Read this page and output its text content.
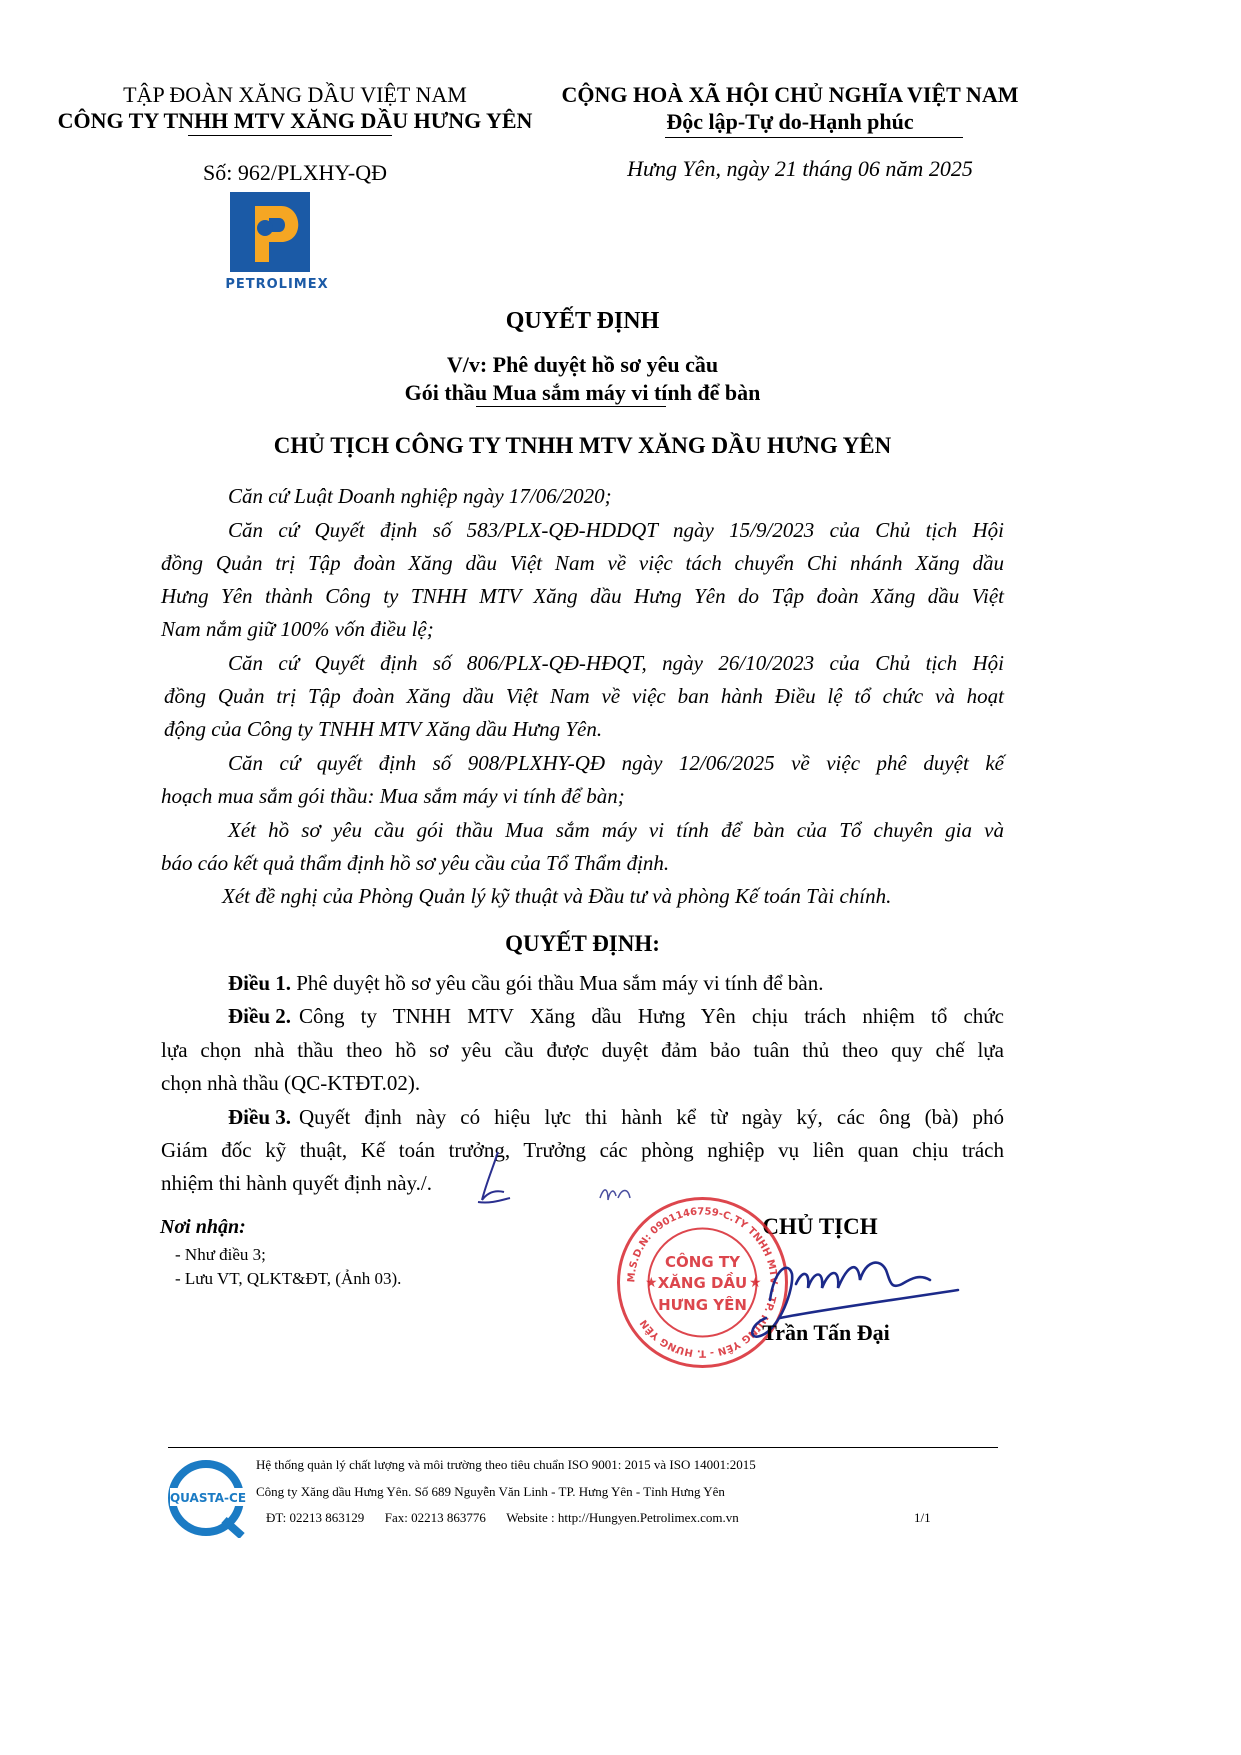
TẬP ĐOÀN XĂNG DẦU VIỆT NAM
CÔNG TY TNHH MTV XĂNG DẦU HƯNG YÊN
Số: 962/PLXHY-QĐ
PETROLIMEX
CỘNG HOÀ XÃ HỘI CHỦ NGHĨA VIỆT NAM
Độc lập-Tự do-Hạnh phúc
Hưng Yên, ngày 21 tháng 06 năm 2025
QUYẾT ĐỊNH
V/v: Phê duyệt hồ sơ yêu cầu
Gói thầu Mua sắm máy vi tính để bàn
CHỦ TỊCH CÔNG TY TNHH MTV XĂNG DẦU HƯNG YÊN
Căn cứ Luật Doanh nghiệp ngày 17/06/2020;
Căn cứ Quyết định số 583/PLX-QĐ-HDDQT ngày 15/9/2023 của Chủ tịch Hội
đồng Quản trị Tập đoàn Xăng dầu Việt Nam về việc tách chuyển Chi nhánh Xăng dầu
Hưng Yên thành Công ty TNHH MTV Xăng dầu Hưng Yên do Tập đoàn Xăng dầu Việt
Nam nắm giữ 100% vốn điều lệ;
Căn cứ Quyết định số 806/PLX-QĐ-HĐQT, ngày 26/10/2023 của Chủ tịch Hội
đồng Quản trị Tập đoàn Xăng dầu Việt Nam về việc ban hành Điều lệ tổ chức và hoạt
động của Công ty TNHH MTV Xăng dầu Hưng Yên.
Căn cứ quyết định số 908/PLXHY-QĐ ngày 12/06/2025 về việc phê duyệt kế
hoạch mua sắm gói thầu: Mua sắm máy vi tính để bàn;
Xét hồ sơ yêu cầu gói thầu Mua sắm máy vi tính để bàn của Tổ chuyên gia và
báo cáo kết quả thẩm định hồ sơ yêu cầu của Tổ Thẩm định.
Xét đề nghị của Phòng Quản lý kỹ thuật và Đầu tư và phòng Kế toán Tài chính.
QUYẾT ĐỊNH:
Điều 1. Phê duyệt hồ sơ yêu cầu gói thầu Mua sắm máy vi tính để bàn.
Điều 2. Công ty TNHH MTV Xăng dầu Hưng Yên chịu trách nhiệm tổ chức
lựa chọn nhà thầu theo hồ sơ yêu cầu được duyệt đảm bảo tuân thủ theo quy chế lựa
chọn nhà thầu (QC-KTĐT.02).
Điều 3. Quyết định này có hiệu lực thi hành kể từ ngày ký, các ông (bà) phó
Giám đốc kỹ thuật, Kế toán trưởng, Trưởng các phòng nghiệp vụ liên quan chịu trách
nhiệm thi hành quyết định này./.
Nơi nhận:
- Như điều 3;
- Lưu VT, QLKT&ĐT, (Ảnh 03).
CHỦ TỊCH
M.S.D.N: 0901146759-C.TY TNHH MTV - TP. HƯNG YÊN - T. HƯNG YÊN
CÔNG TY
XĂNG DẦU
HƯNG YÊN
★	★
Trần Tấn Đại
QUASTA-CE
Hệ thống quản lý chất lượng và môi trường theo tiêu chuẩn ISO 9001: 2015 và ISO 14001:2015
Công ty Xăng dầu Hưng Yên. Số 689 Nguyễn Văn Linh - TP. Hưng Yên - Tỉnh Hưng Yên
ĐT: 02213 863129 Fax: 02213 863776 Website : http://Hungyen.Petrolimex.com.vn	1/1
